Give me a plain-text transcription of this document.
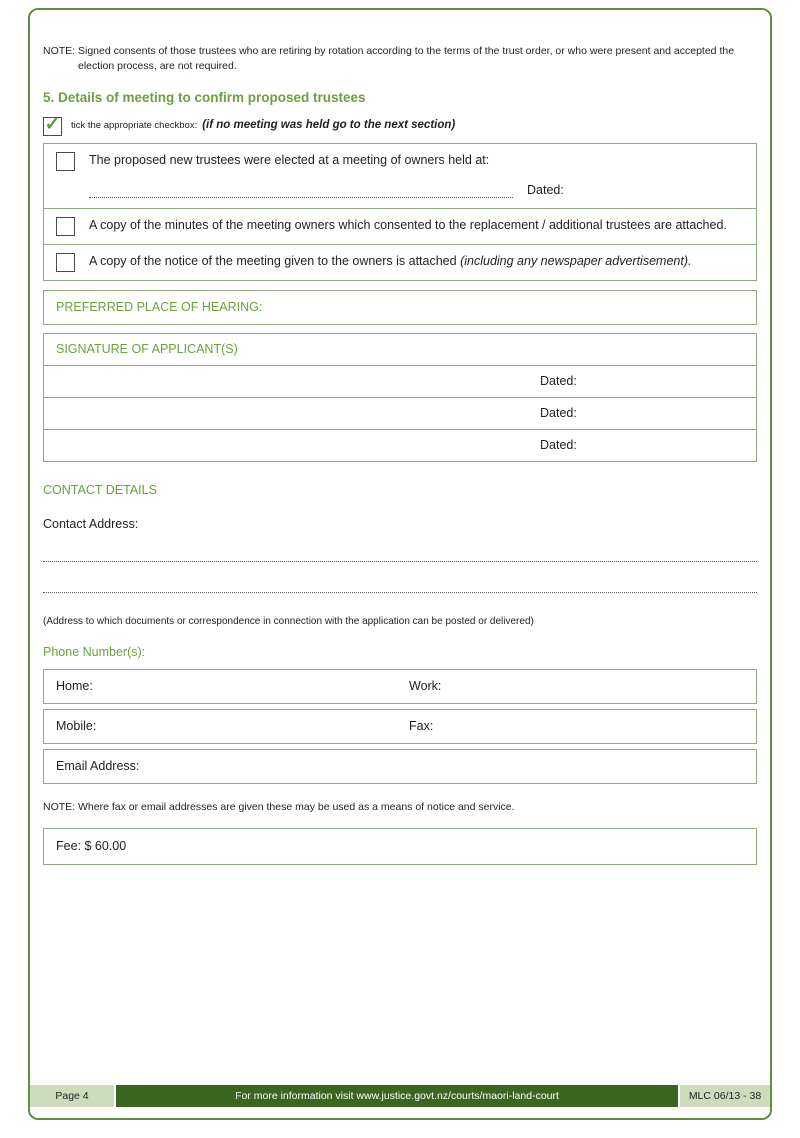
NOTE: Signed consents of those trustees who are retiring by rotation according to the terms of the trust order, or who were present and accepted the election process, are not required.

5. Details of meeting to confirm proposed trustees
✓ tick the appropriate checkbox: (if no meeting was held go to the next section)
The proposed new trustees were elected at a meeting of owners held at:
Dated:
A copy of the minutes of the meeting owners which consented to the replacement / additional trustees are attached.
A copy of the notice of the meeting given to the owners is attached (including any newspaper advertisement).
PREFERRED PLACE OF HEARING:
SIGNATURE OF APPLICANT(S)
Dated:
Dated:
Dated:
CONTACT DETAILS

Contact Address:

(Address to which documents or correspondence in connection with the application can be posted or delivered)

Phone Number(s):

Home:	Work:
Mobile:	Fax:
Email Address:

NOTE: Where fax or email addresses are given these may be used as a means of notice and service.

Fee: $ 60.00
Page 4	For more information visit www.justice.govt.nz/courts/maori-land-court	MLC 06/13 - 38
